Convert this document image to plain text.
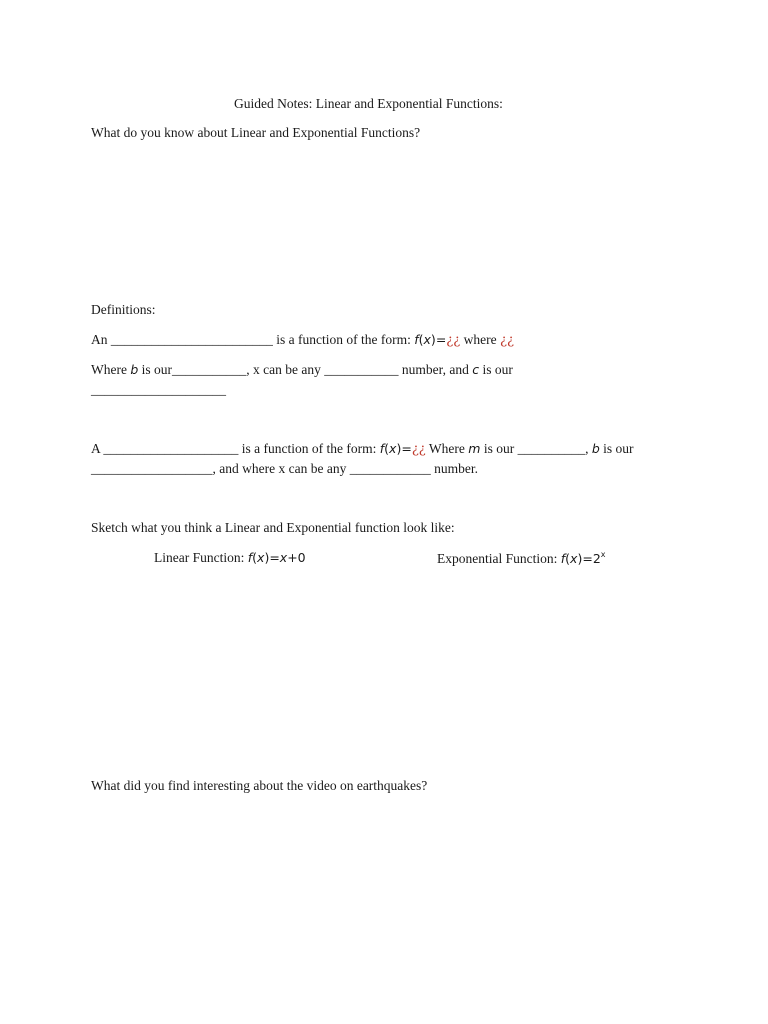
Guided Notes: Linear and Exponential Functions:
What do you know about Linear and Exponential Functions?
Definitions:
An ________________________ is a function of the form: f(x)=¿¿ where ¿¿
Where b is our___________, x can be any ___________ number, and c is our
____________________
A ____________________ is a function of the form: f(x)=¿¿ Where m is our __________, b is our
__________________, and where x can be any ____________ number.
Sketch what you think a Linear and Exponential function look like:
Linear Function: f(x)=x+0	Exponential Function: $f(x)=2^x$
What did you find interesting about the video on earthquakes?
